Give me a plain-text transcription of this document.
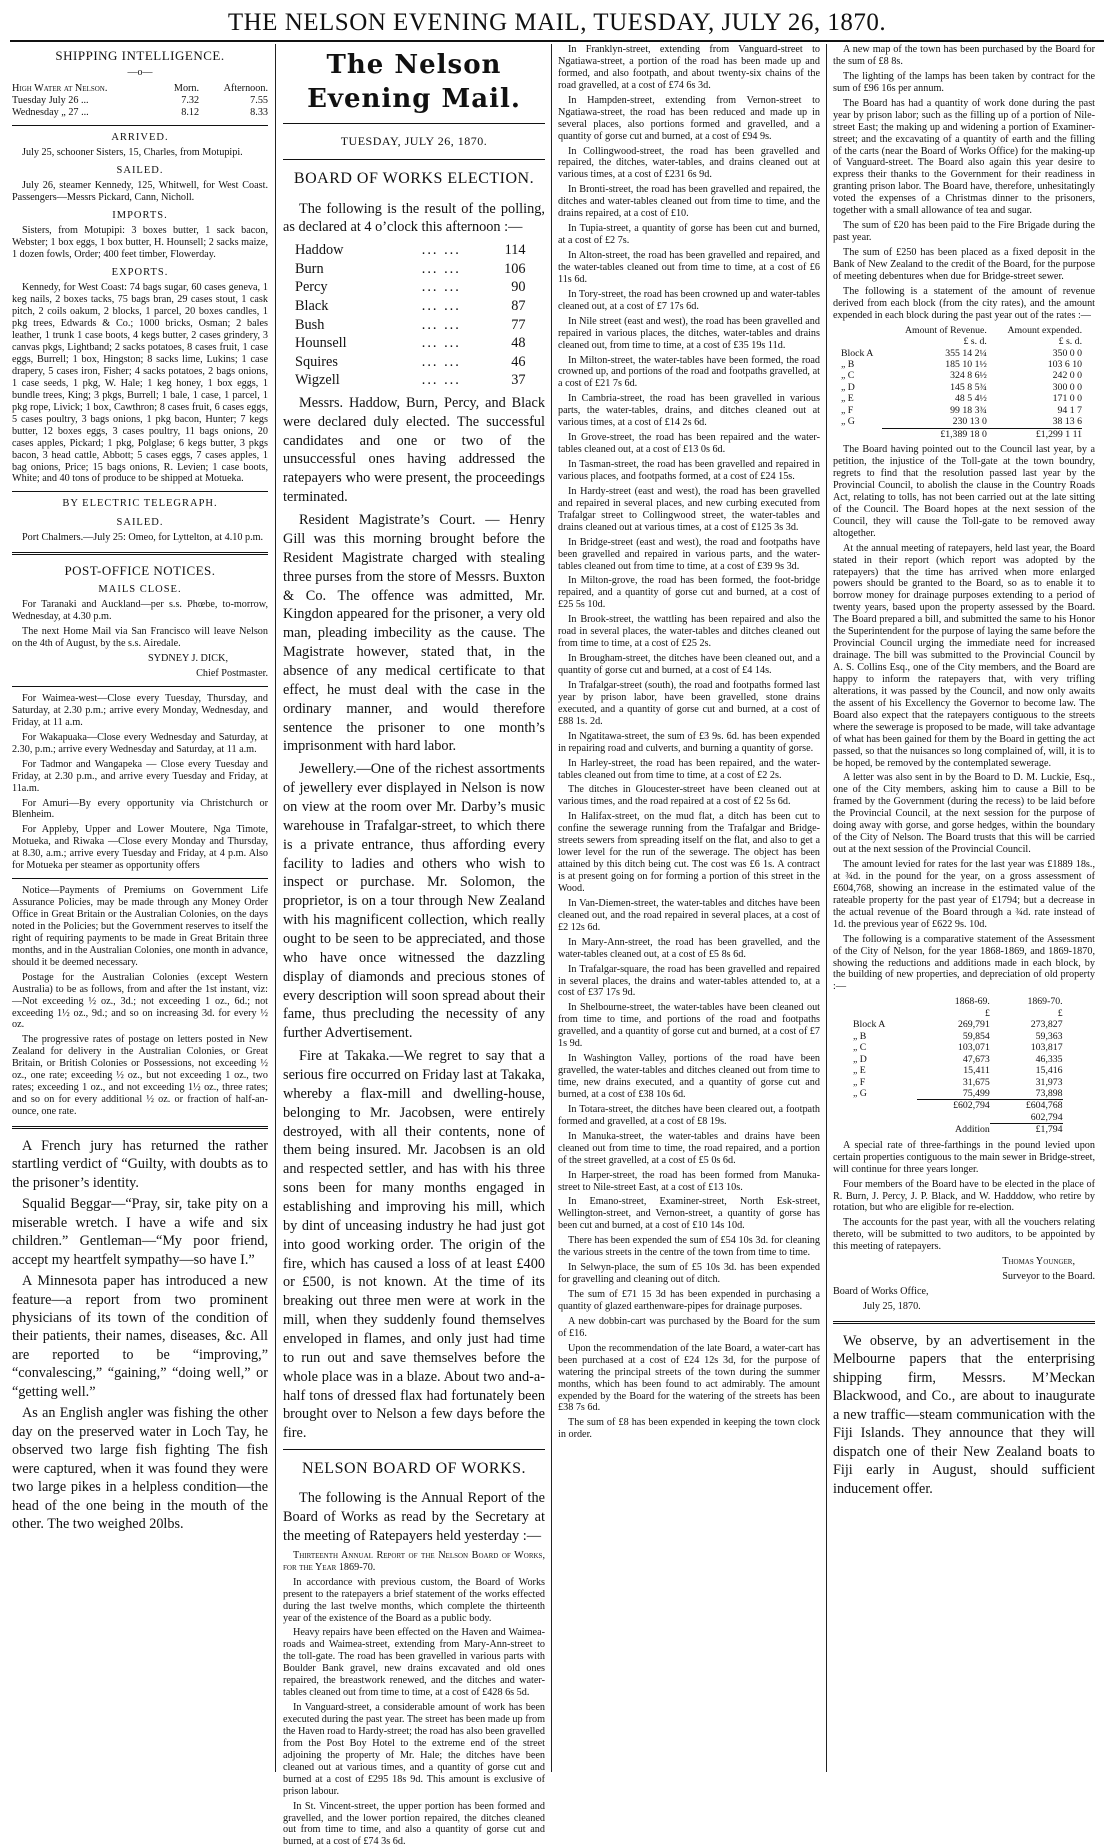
THE NELSON EVENING MAIL, TUESDAY, JULY 26, 1870.
SHIPPING INTELLIGENCE.
—o—
High Water at Nelson.	Morn.	Afternoon.
Tuesday July 26 ...	7.32	7.55
Wednesday „ 27 ...	8.12	8.33
ARRIVED.

July 25, schooner Sisters, 15, Charles, from Motupipi.

SAILED.

July 26, steamer Kennedy, 125, Whitwell, for West Coast. Passengers—Messrs Pickard, Cann, Nicholl.

IMPORTS.

Sisters, from Motupipi: 3 boxes butter, 1 sack bacon, Webster; 1 box eggs, 1 box butter, H. Hounsell; 2 sacks maize, 1 dozen fowls, Order; 400 feet timber, Flowerday.

EXPORTS.

Kennedy, for West Coast: 74 bags sugar, 60 cases geneva, 1 keg nails, 2 boxes tacks, 75 bags bran, 29 cases stout, 1 cask pitch, 2 coils oakum, 2 blocks, 1 parcel, 20 boxes candles, 1 pkg trees, Edwards & Co.; 1000 bricks, Osman; 2 bales leather, 1 trunk 1 case boots, 4 kegs butter, 2 cases grindery, 3 canvas pkgs, Lightband; 2 sacks potatoes, 8 cases fruit, 1 case eggs, Burrell; 1 box, Hingston; 8 sacks lime, Lukins; 1 case drapery, 5 cases iron, Fisher; 4 sacks potatoes, 2 bags onions, 1 case seeds, 1 pkg, W. Hale; 1 keg honey, 1 box eggs, 1 bundle trees, King; 3 pkgs, Burrell; 1 bale, 1 case, 1 parcel, 1 pkg rope, Livick; 1 box, Cawthron; 8 cases fruit, 6 cases eggs, 5 cases poultry, 3 bags onions, 1 pkg bacon, Hunter; 7 kegs butter, 12 boxes eggs, 3 cases poultry, 11 bags onions, 20 cases apples, Pickard; 1 pkg, Polglase; 6 kegs butter, 3 pkgs bacon, 3 head cattle, Abbott; 5 cases eggs, 7 cases apples, 1 bag onions, Price; 15 bags onions, R. Levien; 1 case boots, White; and 40 tons of produce to be shipped at Motueka.

BY ELECTRIC TELEGRAPH.
SAILED.

Port Chalmers.—July 25: Omeo, for Lyttelton, at 4.10 p.m.

POST-OFFICE NOTICES.
MAILS CLOSE.

For Taranaki and Auckland—per s.s. Phœbe, to-morrow, Wednesday, at 4.30 p.m.

The next Home Mail via San Francisco will leave Nelson on the 4th of August, by the s.s. Airedale.

SYDNEY J. DICK,

Chief Postmaster.

For Waimea-west—Close every Tuesday, Thursday, and Saturday, at 2.30 p.m.; arrive every Monday, Wednesday, and Friday, at 11 a.m.

For Wakapuaka—Close every Wednesday and Saturday, at 2.30, p.m.; arrive every Wednesday and Saturday, at 11 a.m.

For Tadmor and Wangapeka — Close every Tuesday and Friday, at 2.30 p.m., and arrive every Tuesday and Friday, at 11a.m.

For Amuri—By every opportunity via Christchurch or Blenheim.

For Appleby, Upper and Lower Moutere, Nga Timote, Motueka, and Riwaka —Close every Monday and Thursday, at 8.30, a.m.; arrive every Tuesday and Friday, at 4 p.m. Also for Motueka per steamer as opportunity offers

Notice—Payments of Premiums on Government Life Assurance Policies, may be made through any Money Order Office in Great Britain or the Australian Colonies, on the days noted in the Policies; but the Government reserves to itself the right of requiring payments to be made in Great Britain three months, and in the Australian Colonies, one month in advance, should it be deemed necessary.

Postage for the Australian Colonies (except Western Australia) to be as follows, from and after the 1st instant, viz:—Not exceeding ½ oz., 3d.; not exceeding 1 oz., 6d.; not exceeding 1½ oz., 9d.; and so on increasing 3d. for every ½ oz.

The progressive rates of postage on letters posted in New Zealand for delivery in the Australian Colonies, or Great Britain, or British Colonies or Possessions, not exceeding ½ oz., one rate; exceeding ½ oz., but not exceeding 1 oz., two rates; exceeding 1 oz., and not exceeding 1½ oz., three rates; and so on for every additional ½ oz. or fraction of half-an-ounce, one rate.

A French jury has returned the rather startling verdict of “Guilty, with doubts as to the prisoner’s identity.

Squalid Beggar—“Pray, sir, take pity on a miserable wretch. I have a wife and six children.” Gentleman—“My poor friend, accept my heartfelt sympathy—so have I.”

A Minnesota paper has introduced a new feature—a report from two prominent physicians of its town of the condition of their patients, their names, diseases, &c. All are reported to be “improving,” “convalescing,” “gaining,” “doing well,” or “getting well.”

As an English angler was fishing the other day on the preserved water in Loch Tay, he observed two large fish fighting The fish were captured, when it was found they were two large pikes in a helpless condition—the head of the one being in the mouth of the other. The two weighed 20lbs.

The Nelson Evening Mail.
TUESDAY, JULY 26, 1870.
BOARD OF WORKS ELECTION.

The following is the result of the polling, as declared at 4 o’clock this afternoon :—

Haddow	... ...	114
Burn	... ...	106
Percy	... ...	90
Black	... ...	87
Bush	... ...	77
Hounsell	... ...	48
Squires	... ...	46
Wigzell	... ...	37

Messrs. Haddow, Burn, Percy, and Black were declared duly elected. The successful candidates and one or two of the unsuccessful ones having addressed the ratepayers who were present, the proceedings terminated.

Resident Magistrate’s Court. — Henry Gill was this morning brought before the Resident Magistrate charged with stealing three purses from the store of Messrs. Buxton & Co. The offence was admitted, Mr. Kingdon appeared for the prisoner, a very old man, pleading imbecility as the cause. The Magistrate however, stated that, in the absence of any medical certificate to that effect, he must deal with the case in the ordinary manner, and would therefore sentence the prisoner to one month’s imprisonment with hard labor.

Jewellery.—One of the richest assortments of jewellery ever displayed in Nelson is now on view at the room over Mr. Darby’s music warehouse in Trafalgar-street, to which there is a private entrance, thus affording every facility to ladies and others who wish to inspect or purchase. Mr. Solomon, the proprietor, is on a tour through New Zealand with his magnificent collection, which really ought to be seen to be appreciated, and those who have once witnessed the dazzling display of diamonds and precious stones of every description will soon spread about their fame, thus precluding the necessity of any further Advertisement.

Fire at Takaka.—We regret to say that a serious fire occurred on Friday last at Takaka, whereby a flax-mill and dwelling-house, belonging to Mr. Jacobsen, were entirely destroyed, with all their contents, none of them being insured. Mr. Jacobsen is an old and respected settler, and has with his three sons been for many months engaged in establishing and improving his mill, which by dint of unceasing industry he had just got into good working order. The origin of the fire, which has caused a loss of at least £400 or £500, is not known. At the time of its breaking out three men were at work in the mill, when they suddenly found themselves enveloped in flames, and only just had time to run out and save themselves before the whole place was in a blaze. About two and-a-half tons of dressed flax had fortunately been brought over to Nelson a few days before the fire.

NELSON BOARD OF WORKS.

The following is the Annual Report of the Board of Works as read by the Secretary at the meeting of Ratepayers held yesterday :—

Thirteenth Annual Report of the Nelson Board of Works, for the Year 1869-70.

In accordance with previous custom, the Board of Works present to the ratepayers a brief statement of the works effected during the last twelve months, which complete the thirteenth year of the existence of the Board as a public body.

Heavy repairs have been effected on the Haven and Waimea-roads and Waimea-street, extending from Mary-Ann-street to the toll-gate. The road has been gravelled in various parts with Boulder Bank gravel, new drains excavated and old ones repaired, the breastwork renewed, and the ditches and water-tables cleaned out from time to time, at a cost of £428 6s 5d.

In Vanguard-street, a considerable amount of work has been executed during the past year. The street has been made up from the Haven road to Hardy-street; the road has also been gravelled from the Post Boy Hotel to the extreme end of the street adjoining the property of Mr. Hale; the ditches have been cleaned out at various times, and a quantity of gorse cut and burned at a cost of £295 18s 9d. This amount is exclusive of prison labour.

In St. Vincent-street, the upper portion has been formed and gravelled, and the lower portion repaired, the ditches cleaned out from time to time, and also a quantity of gorse cut and burned, at a cost of £74 3s 6d.

In Franklyn-street, extending from Vanguard-street to Ngatiawa-street, a portion of the road has been made up and formed, and also footpath, and about twenty-six chains of the road gravelled, at a cost of £74 6s 3d.

In Hampden-street, extending from Vernon-street to Ngatiawa-street, the road has been reduced and made up in several places, also portions formed and gravelled, and a quantity of gorse cut and burned, at a cost of £94 9s.

In Collingwood-street, the road has been gravelled and repaired, the ditches, water-tables, and drains cleaned out at various times, at a cost of £231 6s 9d.

In Bronti-street, the road has been gravelled and repaired, the ditches and water-tables cleaned out from time to time, and the drains repaired, at a cost of £10.

In Tupia-street, a quantity of gorse has been cut and burned, at a cost of £2 7s.

In Alton-street, the road has been gravelled and repaired, and the water-tables cleaned out from time to time, at a cost of £6 11s 6d.

In Tory-street, the road has been crowned up and water-tables cleaned out, at a cost of £7 17s 6d.

In Nile street (east and west), the road has been gravelled and repaired in various places, the ditches, water-tables and drains cleaned out, from time to time, at a cost of £35 19s 11d.

In Milton-street, the water-tables have been formed, the road crowned up, and portions of the road and footpaths gravelled, at a cost of £21 7s 6d.

In Cambria-street, the road has been gravelled in various parts, the water-tables, drains, and ditches cleaned out at various times, at a cost of £14 2s 6d.

In Grove-street, the road has been repaired and the water-tables cleaned out, at a cost of £13 0s 6d.

In Tasman-street, the road has been gravelled and repaired in various places, and footpaths formed, at a cost of £24 15s.

In Hardy-street (east and west), the road has been gravelled and repaired in several places, and new curbing executed from Trafalgar street to Collingwood street, the water-tables and drains cleaned out at various times, at a cost of £125 3s 3d.

In Bridge-street (east and west), the road and footpaths have been gravelled and repaired in various parts, and the water-tables cleaned out from time to time, at a cost of £39 9s 3d.

In Milton-grove, the road has been formed, the foot-bridge repaired, and a quantity of gorse cut and burned, at a cost of £25 5s 10d.

In Brook-street, the wattling has been repaired and also the road in several places, the water-tables and ditches cleaned out from time to time, at a cost of £25 2s.

In Brougham-street, the ditches have been cleaned out, and a quantity of gorse cut and burned, at a cost of £4 14s.

In Trafalgar-street (south), the road and footpaths formed last year by prison labor, have been gravelled, stone drains executed, and a quantity of gorse cut and burned, at a cost of £88 1s. 2d.

In Ngatitawa-street, the sum of £3 9s. 6d. has been expended in repairing road and culverts, and burning a quantity of gorse.

In Harley-street, the road has been repaired, and the water-tables cleaned out from time to time, at a cost of £2 2s.

The ditches in Gloucester-street have been cleaned out at various times, and the road repaired at a cost of £2 5s 6d.

In Halifax-street, on the mud flat, a ditch has been cut to confine the sewerage running from the Trafalgar and Bridge-streets sewers from spreading itself on the flat, and also to get a lower level for the run of the sewerage. The object has been attained by this ditch being cut. The cost was £6 1s. A contract is at present going on for forming a portion of this street in the Wood.

In Van-Diemen-street, the water-tables and ditches have been cleaned out, and the road repaired in several places, at a cost of £2 12s 6d.

In Mary-Ann-street, the road has been gravelled, and the water-tables cleaned out, at a cost of £5 8s 6d.

In Trafalgar-square, the road has been gravelled and repaired in several places, the drains and water-tables attended to, at a cost of £37 17s 9d.

In Shelbourne-street, the water-tables have been cleaned out from time to time, and portions of the road and footpaths gravelled, and a quantity of gorse cut and burned, at a cost of £7 1s 9d.

In Washington Valley, portions of the road have been gravelled, the water-tables and ditches cleaned out from time to time, new drains executed, and a quantity of gorse cut and burned, at a cost of £38 10s 6d.

In Totara-street, the ditches have been cleared out, a footpath formed and gravelled, at a cost of £8 19s.

In Manuka-street, the water-tables and drains have been cleaned out from time to time, the road repaired, and a portion of the street gravelled, at a cost of £5 0s 6d.

In Harper-street, the road has been formed from Manuka-street to Nile-street East, at a cost of £13 10s.

In Emano-street, Examiner-street, North Esk-street, Wellington-street, and Vernon-street, a quantity of gorse has been cut and burned, at a cost of £10 14s 10d.

There has been expended the sum of £54 10s 3d. for cleaning the various streets in the centre of the town from time to time.

In Selwyn-place, the sum of £5 10s 3d. has been expended for gravelling and cleaning out of ditch.

The sum of £71 15 3d has been expended in purchasing a quantity of glazed earthenware-pipes for drainage purposes.

A new dobbin-cart was purchased by the Board for the sum of £16.

Upon the recommendation of the late Board, a water-cart has been purchased at a cost of £24 12s 3d, for the purpose of watering the principal streets of the town during the summer months, which has been found to act admirably. The amount expended by the Board for the watering of the streets has been £38 7s 6d.

The sum of £8 has been expended in keeping the town clock in order.

A new map of the town has been purchased by the Board for the sum of £8 8s.

The lighting of the lamps has been taken by contract for the sum of £96 16s per annum.

The Board has had a quantity of work done during the past year by prison labor; such as the filling up of a portion of Nile-street East; the making up and widening a portion of Examiner-street; and the excavating of a quantity of earth and the filling of the carts (near the Board of Works Office) for the making-up of Vanguard-street. The Board also again this year desire to express their thanks to the Government for their readiness in granting prison labor. The Board have, therefore, unhesitatingly voted the expenses of a Christmas dinner to the prisoners, together with a small allowance of tea and sugar.

The sum of £20 has been paid to the Fire Brigade during the past year.

The sum of £250 has been placed as a fixed deposit in the Bank of New Zealand to the credit of the Board, for the purpose of meeting debentures when due for Bridge-street sewer.

The following is a statement of the amount of revenue derived from each block (from the city rates), and the amount expended in each block during the past year out of the rates :—

	Amount of Revenue.	Amount expended.
	£ s. d.	£ s. d.
Block A	355 14 2¼	350 0 0
„ B	185 10 1½	103 6 10
„ C	324 8 6½	242 0 0
„ D	145 8 5¾	300 0 0
„ E	48 5 4½	171 0 0
„ F	99 18 3¾	94 1 7
„ G	230 13 0	38 13 6
	£1,389 18 0	£1,299 1 11

The Board having pointed out to the Council last year, by a petition, the injustice of the Toll-gate at the town boundry, regrets to find that the resolution passed last year by the Provincial Council, to abolish the clause in the Country Roads Act, relating to tolls, has not been carried out at the late sitting of the Council. The Board hopes at the next session of the Council, they will cause the Toll-gate to be removed away altogether.

At the annual meeting of ratepayers, held last year, the Board stated in their report (which report was adopted by the ratepayers) that the time has arrived when more enlarged powers should be granted to the Board, so as to enable it to borrow money for drainage purposes extending to a period of twenty years, based upon the property assessed by the Board. The Board prepared a bill, and submitted the same to his Honor the Superintendent for the purpose of laying the same before the Provincial Council urging the immediate need for increased drainage. The bill was submitted to the Provincial Council by A. S. Collins Esq., one of the City members, and the Board are happy to inform the ratepayers that, with very trifling alterations, it was passed by the Council, and now only awaits the assent of his Excellency the Governor to become law. The Board also expect that the ratepayers contiguous to the streets where the sewerage is proposed to be made, will take advantage of what has been gained for them by the Board in getting the act passed, so that the nuisances so long complained of, will, it is to be hoped, be removed by the contemplated sewerage.

A letter was also sent in by the Board to D. M. Luckie, Esq., one of the City members, asking him to cause a Bill to be framed by the Government (during the recess) to be laid before the Provincial Council, at the next session for the purpose of doing away with gorse, and gorse hedges, within the boundary of the City of Nelson. The Board trusts that this will be carried out at the next session of the Provincial Council.

The amount levied for rates for the last year was £1889 18s., at ¾d. in the pound for the year, on a gross assessment of £604,768, showing an increase in the estimated value of the rateable property for the past year of £1794; but a decrease in the actual revenue of the Board through a ¾d. rate instead of 1d. the previous year of £622 9s. 10d.

The following is a comparative statement of the Assessment of the City of Nelson, for the year 1868-1869, and 1869-1870, showing the reductions and additions made in each block, by the building of new properties, and depreciation of old property :—

	1868-69.	1869-70.
	£	£
Block A	269,791	273,827
„ B	59,854	59,363
„ C	103,071	103,817
„ D	47,673	46,335
„ E	15,411	15,416
„ F	31,675	31,973
„ G	75,499	73,898
	£602,794	£604,768
		602,794
	Addition	£1,794

A special rate of three-farthings in the pound levied upon certain properties contiguous to the main sewer in Bridge-street, will continue for three years longer.

Four members of the Board have to be elected in the place of R. Burn, J. Percy, J. P. Black, and W. Hadddow, who retire by rotation, but who are eligible for re-election.

The accounts for the past year, with all the vouchers relating thereto, will be submitted to two auditors, to be appointed by this meeting of ratepayers.

Thomas Younger,

Surveyor to the Board.

Board of Works Office,

July 25, 1870.

We observe, by an advertisement in the Melbourne papers that the enterprising shipping firm, Messrs. M’Meckan Blackwood, and Co., are about to inaugurate a new traffic—steam communication with the Fiji Islands. They announce that they will dispatch one of their New Zealand boats to Fiji early in August, should sufficient inducement offer.
